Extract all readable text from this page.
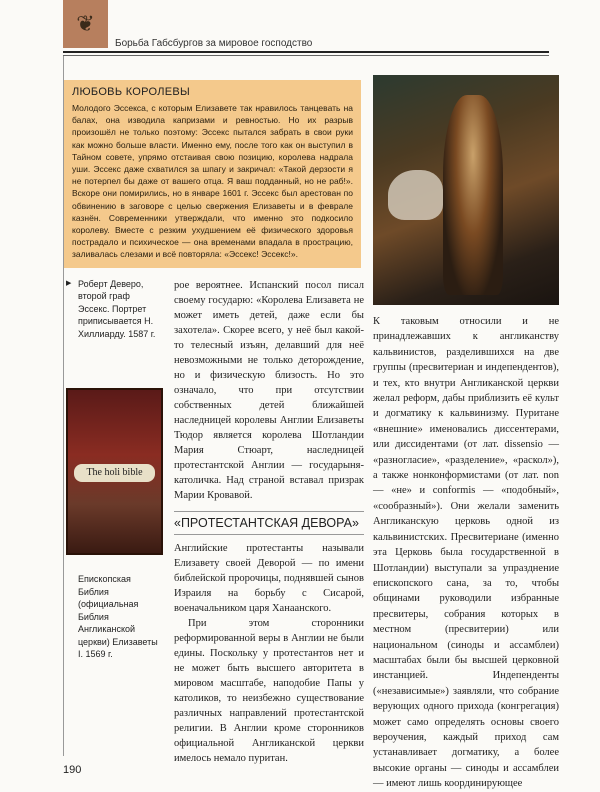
❦
Борьба Габсбургов за мировое господство
ЛЮБОВЬ КОРОЛЕВЫ

Молодого Эссекса, с которым Елизавете так нравилось танцевать на балах, она изводила капризами и ревностью. Но их разрыв произошёл не только поэтому: Эссекс пытался забрать в свои руки как можно больше власти. Именно ему, после того как он выступил в Тайном совете, упрямо отстаивая свою позицию, королева надрала уши. Эссекс даже схватился за шпагу и закричал: «Такой дерзости я не потерпел бы даже от вашего отца. Я ваш подданный, но не раб!». Вскоре они помирились, но в январе 1601 г. Эссекс был арестован по обвинению в заговоре с целью свержения Елизаветы и в феврале казнён. Современники утверждали, что именно это подкосило королеву. Вместе с резким ухудшением её физического здоровья пострадало и психическое — она временами впадала в прострацию, заливалась слезами и всё повторяла: «Эссекс! Эссекс!».

▶ Роберт Деверо, второй граф Эссекс. Портрет приписывается Н. Хиллиарду. 1587 г.
The holi bible
Епископская Библия (официальная Библия Англиканской церкви) Елизаветы I. 1569 г.

рое вероятнее. Испанский посол писал своему государю: «Королева Елизавета не может иметь детей, даже если бы захотела». Скорее всего, у неё был какой-то телесный изъян, делавший для неё невозможными не только деторождение, но и физическую близость. Но это означало, что при отсутствии собственных детей ближайшей наследницей королевы Англии Елизаветы Тюдор является королева Шотландии Мария Стюарт, наследницей протестантской Англии — государыня-католичка. Над страной вставал призрак Марии Кровавой.

«ПРОТЕСТАНТСКАЯ ДЕВОРА»

Английские протестанты называли Елизавету своей Деворой — по имени библейской пророчицы, поднявшей сынов Израиля на борьбу с Сисарой, военачальником царя Ханаанского.

При этом сторонники реформированной веры в Англии не были едины. Поскольку у протестантов нет и не может быть высшего авторитета в мировом масштабе, наподобие Папы у католиков, то неизбежно существование различных направлений протестантской религии. В Англии кроме сторонников официальной Англиканской церкви имелось немало пуритан.

К таковым относили и не принадлежавших к англиканству кальвинистов, разделившихся на две группы (пресвитериан и индепендентов), и тех, кто внутри Англиканской церкви желал реформ, дабы приблизить её культ и догматику к кальвинизму. Пуритане «внешние» именовались диссентерами, или диссидентами (от лат. dissensio — «разногласие», «разделение», «раскол»), а также нонконформистами (от лат. non — «не» и conformis — «подобный», «сообразный»). Они желали заменить Англиканскую церковь одной из кальвинистских. Пресвитериане (именно эта Церковь была государственной в Шотландии) выступали за упразднение епископского сана, за то, чтобы общинами руководили избранные пресвитеры, собрания которых в местном (пресвитерии) или национальном (синоды и ассамблеи) масштабах были бы высшей церковной инстанцией. Индепенденты («независимые») заявляли, что собрание верующих одного прихода (конгрегация) может само определять основы своего вероучения, каждый приход сам устанавливает догматику, а более высокие органы — синоды и ассамблеи — имеют лишь координирующее

190
